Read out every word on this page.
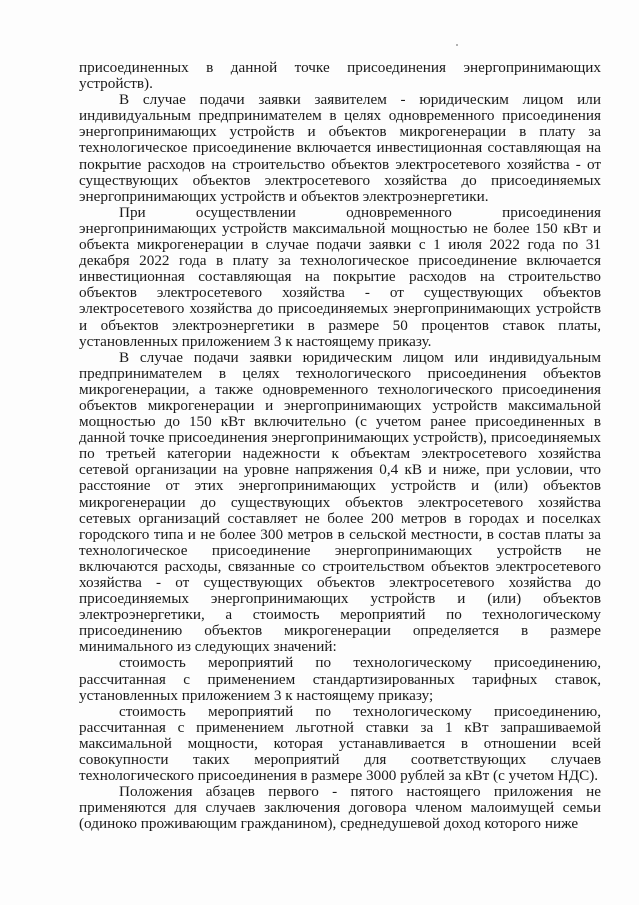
присоединенных в данной точке присоединения энергопринимающих устройств).

В случае подачи заявки заявителем - юридическим лицом или индивидуальным предпринимателем в целях одновременного присоединения энергопринимающих устройств и объектов микрогенерации в плату за технологическое присоединение включается инвестиционная составляющая на покрытие расходов на строительство объектов электросетевого хозяйства - от существующих объектов электросетевого хозяйства до присоединяемых энергопринимающих устройств и объектов электроэнергетики.

При осуществлении одновременного присоединения энергопринимающих устройств максимальной мощностью не более 150 кВт и объекта микрогенерации в случае подачи заявки с 1 июля 2022 года по 31 декабря 2022 года в плату за технологическое присоединение включается инвестиционная составляющая на покрытие расходов на строительство объектов электросетевого хозяйства - от существующих объектов электросетевого хозяйства до присоединяемых энергопринимающих устройств и объектов электроэнергетики в размере 50 процентов ставок платы, установленных приложением 3 к настоящему приказу.

В случае подачи заявки юридическим лицом или индивидуальным предпринимателем в целях технологического присоединения объектов микрогенерации, а также одновременного технологического присоединения объектов микрогенерации и энергопринимающих устройств максимальной мощностью до 150 кВт включительно (с учетом ранее присоединенных в данной точке присоединения энергопринимающих устройств), присоединяемых по третьей категории надежности к объектам электросетевого хозяйства сетевой организации на уровне напряжения 0,4 кВ и ниже, при условии, что расстояние от этих энергопринимающих устройств и (или) объектов микрогенерации до существующих объектов электросетевого хозяйства сетевых организаций составляет не более 200 метров в городах и поселках городского типа и не более 300 метров в сельской местности, в состав платы за технологическое присоединение энергопринимающих устройств не включаются расходы, связанные со строительством объектов электросетевого хозяйства - от существующих объектов электросетевого хозяйства до присоединяемых энергопринимающих устройств и (или) объектов электроэнергетики, а стоимость мероприятий по технологическому присоединению объектов микрогенерации определяется в размере минимального из следующих значений:

стоимость мероприятий по технологическому присоединению, рассчитанная с применением стандартизированных тарифных ставок, установленных приложением 3 к настоящему приказу;

стоимость мероприятий по технологическому присоединению, рассчитанная с применением льготной ставки за 1 кВт запрашиваемой максимальной мощности, которая устанавливается в отношении всей совокупности таких мероприятий для соответствующих случаев технологического присоединения в размере 3000 рублей за кВт (с учетом НДС).

Положения абзацев первого - пятого настоящего приложения не применяются для случаев заключения договора членом малоимущей семьи (одиноко проживающим гражданином), среднедушевой доход которого ниже
